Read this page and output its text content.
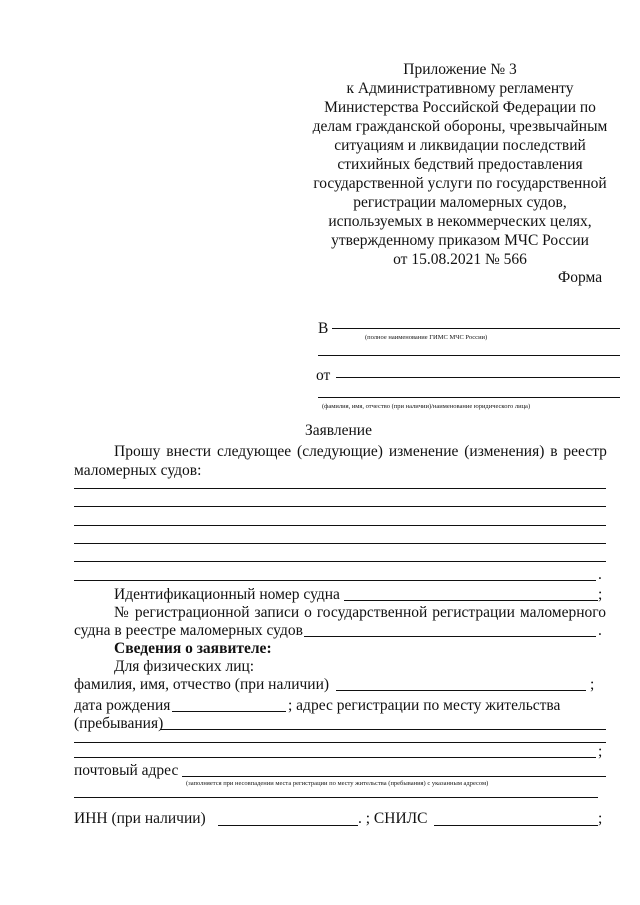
Приложение № 3
к Административному регламенту
Министерства Российской Федерации по
делам гражданской обороны, чрезвычайным
ситуациям и ликвидации последствий
стихийных бедствий предоставления
государственной услуги по государственной
регистрации маломерных судов,
используемых в некоммерческих целях,
утвержденному приказом МЧС России
от 15.08.2021 № 566
Форма
В
(полное наименование ГИМС МЧС России)
от
(фамилия, имя, отчество (при наличии)/наименование юридического лица)
Заявление
Прошу внести следующее (следующие) изменение (изменения) в реестр
маломерных судов:
.
Идентификационный номер судна	;
№ регистрационной записи о государственной регистрации маломерного
судна в реестре маломерных судов	.
Сведения о заявителе:
Для физических лиц:
фамилия, имя, отчество (при наличии)	;
дата рождения	; адрес регистрации по месту жительства
(пребывания)
;
почтовый адрес
(заполняется при несовпадении места регистрации по месту жительства (пребывания) с указанным адресом)
ИНН (при наличии)	. ; СНИЛС	;
